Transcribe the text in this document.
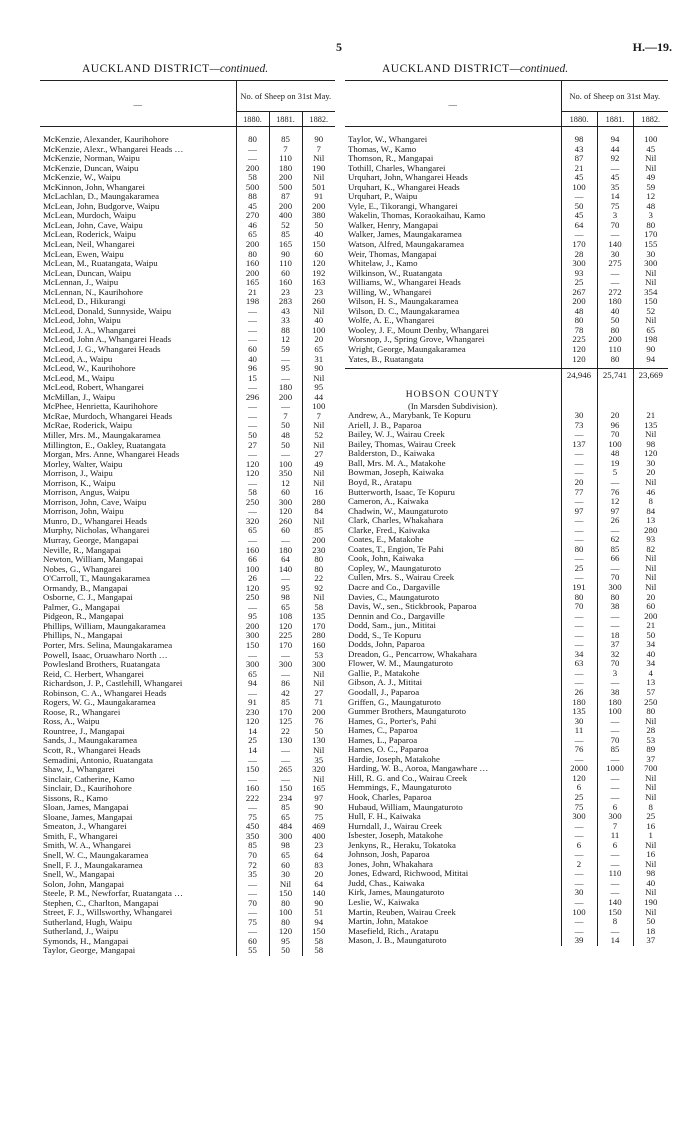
5	H.—19.
AUCKLAND DISTRICT—continued.	AUCKLAND DISTRICT—continued.
—	No. of Sheep on 31st May.		
	1880.	1881.	1882.

McKenzie, Alexander, Kaurihohore	80	85	90
McKenzie, Alexr., Whangarei Heads …	—	7	7
McKenzie, Norman, Waipu	—	110	Nil
McKenzie, Duncan, Waipu	200	180	190
McKenzie, W., Waipu	58	200	Nil
McKinnon, John, Whangarei	500	500	501
McLachlan, D., Maungakaramea	88	87	91
McLean, John, Budgorve, Waipu	45	200	200
McLean, Murdoch, Waipu	270	400	380
McLean, John, Cave, Waipu	46	52	50
McLean, Roderick, Waipu	65	85	40
McLean, Neil, Whangarei	200	165	150
McLean, Ewen, Waipu	80	90	60
McLean, M., Ruatangata, Waipu	160	110	120
McLean, Duncan, Waipu	200	60	192
McLennan, J., Waipu	165	160	163
McLennan, N., Kaurihohore	21	23	23
McLeod, D., Hikurangi	198	283	260
McLeod, Donald, Sunnyside, Waipu	—	43	Nil
McLeod, John, Waipu	—	33	40
McLeod, J. A., Whangarei	—	88	100
McLeod, John A., Whangarei Heads	—	12	20
McLeod, J. G., Whangarei Heads	60	59	65
McLeod, A., Waipu	40	—	31
McLeod, W., Kaurihohore	96	95	90
McLeod, M., Waipu	15	—	Nil
McLeod, Robert, Whangarei	—	180	95
McMillan, J., Waipu	296	200	44
McPhee, Henrietta, Kaurihohore	—	—	100
McRae, Murdoch, Whangarei Heads	—	7	7
McRae, Roderick, Waipu	—	50	Nil
Miller, Mrs. M., Maungakaramea	50	48	52
Millington, E., Oakley, Ruatangata	27	50	Nil
Morgan, Mrs. Anne, Whangarei Heads	—	—	27
Morley, Walter, Waipu	120	100	49
Morrison, J., Waipu	120	350	Nil
Morrison, K., Waipu	—	12	Nil
Morrison, Angus, Waipu	58	60	16
Morrison, John, Cave, Waipu	250	300	280
Morrison, John, Waipu	—	120	84
Munro, D., Whangarei Heads	320	260	Nil
Murphy, Nicholas, Whangarei	65	60	85
Murray, George, Mangapai	—	—	200
Neville, R., Mangapai	160	180	230
Newton, William, Mangapai	66	64	80
Nobes, G., Whangarei	100	140	80
O'Carroll, T., Maungakaramea	26	—	22
Ormandy, B., Mangapai	120	95	92
Osborne, C. J., Mangapai	250	98	Nil
Palmer, G., Mangapai	—	65	58
Pidgeon, R., Mangapai	95	108	135
Phillips, William, Maungakaramea	200	120	170
Phillips, N., Mangapai	300	225	280
Porter, Mrs. Selina, Maungakaramea	150	170	160
Powell, Isaac, Oruawharo North …	—	—	53
Powlesland Brothers, Ruatangata	300	300	300
Reid, C. Herbert, Whangarei	65	—	Nil
Richardson, J. P., Castlehill, Whangarei	94	86	Nil
Robinson, C. A., Whangarei Heads	—	42	27
Rogers, W. G., Maungakaramea	91	85	71
Roose, R., Whangarei	230	170	200
Ross, A., Waipu	120	125	76
Rountree, J., Mangapai	14	22	50
Sands, J., Maungakaramea	25	130	130
Scott, R., Whangarei Heads	14	—	Nil
Semadini, Antonio, Ruatangata	—	—	35
Shaw, J., Whangarei	150	265	320
Sinclair, Catherine, Kamo	—	—	Nil
Sinclair, D., Kaurihohore	160	150	165
Sissons, R., Kamo	222	234	97
Sloan, James, Mangapai	—	85	90
Sloane, James, Mangapai	75	65	75
Smeaton, J., Whangarei	450	484	469
Smith, F., Whangarei	350	300	400
Smith, W. A., Whangarei	85	98	23
Snell, W. C., Maungakaramea	70	65	64
Snell, F. J., Maungakaramea	72	60	83
Snell, W., Mangapai	35	30	20
Solon, John, Mangapai	—	Nil	64
Steele, P. M., Newforfar, Ruatangata …	—	150	140
Stephen, C., Charlton, Mangapai	70	80	90
Street, F. J., Willsworthy, Whangarei	—	100	51
Sutherland, Hugh, Waipu	75	80	94
Sutherland, J., Waipu	—	120	150
Symonds, H., Mangapai	60	95	58
Taylor, George, Mangapai	55	50	58
—	No. of Sheep on 31st May.		
	1880.	1881.	1882.

Taylor, W., Whangarei	98	94	100
Thomas, W., Kamo	43	44	45
Thomson, R., Mangapai	87	92	Nil
Tothill, Charles, Whangarei	21	—	Nil
Urquhart, John, Whangarei Heads	45	45	49
Urquhart, K., Whangarei Heads	100	35	59
Urquhart, P., Waipu	—	14	12
Vyle, E., Tikorangi, Whangarei	50	75	48
Wakelin, Thomas, Koraokaihau, Kamo	45	3	3
Walker, Henry, Mangapai	64	70	80
Walker, James, Maungakaramea	—	—	170
Watson, Alfred, Maungakaramea	170	140	155
Weir, Thomas, Mangapai	28	30	30
Whitelaw, J., Kamo	300	275	300
Wilkinson, W., Ruatangata	93	—	Nil
Williams, W., Whangarei Heads	25	—	Nil
Willing, W., Whangarei	267	272	354
Wilson, H. S., Maungakaramea	200	180	150
Wilson, D. C., Maungakaramea	48	40	52
Wolfe, A. E., Whangarei	80	50	Nil
Wooley, J. F., Mount Denby, Whangarei	78	80	65
Worsnop, J., Spring Grove, Whangarei	225	200	198
Wright, George, Maungakaramea	120	110	90
Yates, B., Ruatangata	120	80	94

	24,946	25,741	23,669

HOBSON COUNTY			
(In Marsden Subdivision).			
Andrew, A., Marybank, Te Kopuru	30	20	21
Ariell, J. B., Paparoa	73	96	135
Bailey, W. J., Wairau Creek	—	70	Nil
Bailey, Thomas, Wairau Creek	137	100	98
Balderston, D., Kaiwaka	—	48	120
Ball, Mrs. M. A., Matakohe	—	19	30
Bowman, Joseph, Kaiwaka	—	5	20
Boyd, R., Aratapu	20	—	Nil
Butterworth, Isaac, Te Kopuru	77	76	46
Cameron, A., Kaiwaka	—	12	8
Chadwin, W., Maungaturoto	97	97	84
Clark, Charles, Whakahara	—	26	13
Clarke, Fred., Kaiwaka	—	—	280
Coates, E., Matakohe	—	62	93
Coates, T., Engion, Te Pahi	80	85	82
Cook, John, Kaiwaka	—	66	Nil
Copley, W., Maungaturoto	25	—	Nil
Cullen, Mrs. S., Wairau Creek	—	70	Nil
Dacre and Co., Dargaville	191	300	Nil
Davies, C., Maungaturoto	80	80	20
Davis, W., sen., Stickbrook, Paparoa	70	38	60
Dennin and Co., Dargaville	—	—	200
Dodd, Sam., jun., Mititai	—	—	21
Dodd, S., Te Kopuru	—	18	50
Dodds, John, Paparoa	—	37	34
Dreadon, G., Pencarrow, Whakahara	34	32	40
Flower, W. M., Maungaturoto	63	70	34
Gallie, P., Matakohe	—	3	4
Gibson, A. J., Mititai	—	—	13
Goodall, J., Paparoa	26	38	57
Griffen, G., Maungaturoto	180	180	250
Gummer Brothers, Maungaturoto	135	100	80
Hames, G., Porter's, Pahi	30	—	Nil
Hames, C., Paparoa	11	—	28
Hames, L., Paparoa	—	70	53
Hames, O. C., Paparoa	76	85	89
Hardie, Joseph, Matakohe	—	—	37
Harding, W. B., Aoroa, Mangawhare …	2000	1000	700
Hill, R. G. and Co., Wairau Creek	120	—	Nil
Hemmings, F., Maungaturoto	6	—	Nil
Hook, Charles, Paparoa	25	—	Nil
Hubaud, William, Maungaturoto	75	6	8
Hull, F. H., Kaiwaka	300	300	25
Hurndall, J., Wairau Creek	—	7	16
Isbester, Joseph, Matakohe	—	11	1
Jenkyns, R., Heraku, Tokatoka	6	6	Nil
Johnson, Josh, Paparoa	—	—	16
Jones, John, Whakahara	2	—	Nil
Jones, Edward, Richwood, Mititai	—	110	98
Judd, Chas., Kaiwaka	—	—	40
Kirk, James, Maungaturoto	30	—	Nil
Leslie, W., Kaiwaka	—	140	190
Martin, Reuben, Wairau Creek	100	150	Nil
Martin, John, Matakoe	—	8	50
Masefield, Rich., Aratapu	—	—	18
Mason, J. B., Maungaturoto	39	14	37
